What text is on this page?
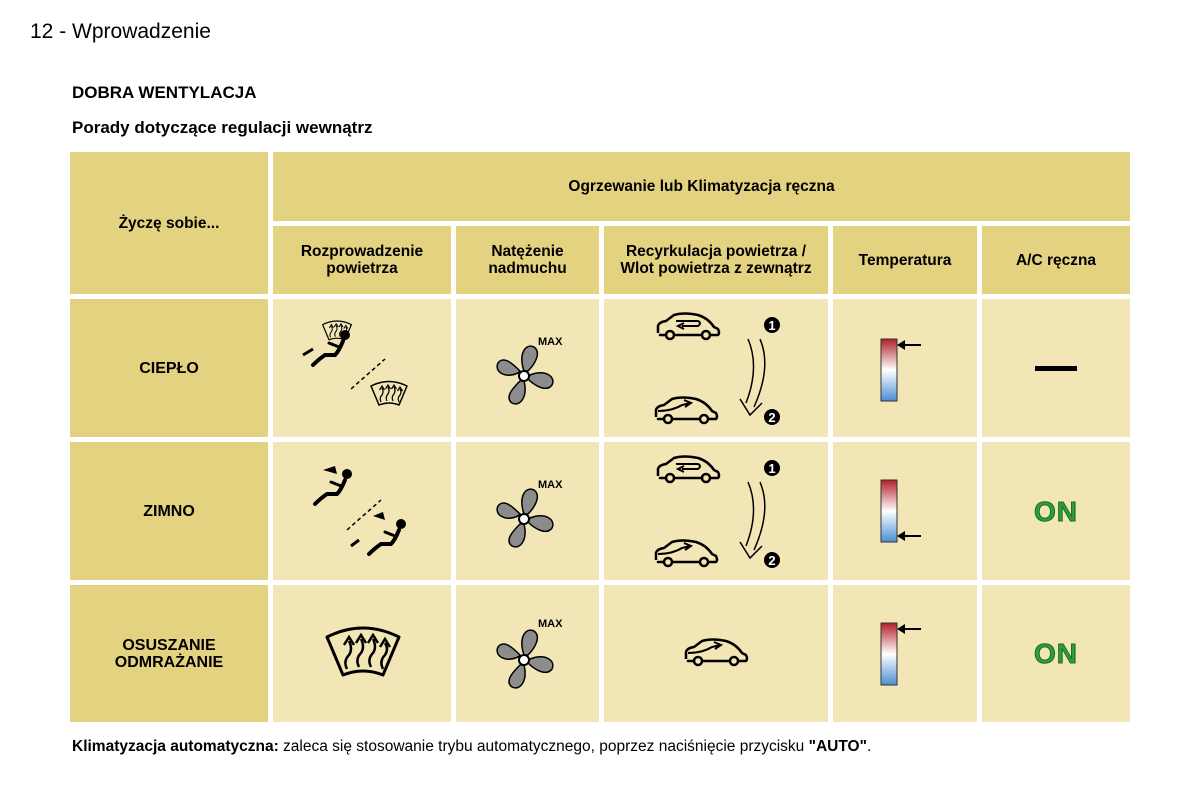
12 - Wprowadzenie
DOBRA WENTYLACJA
Porady dotyczące regulacji wewnątrz
Życzę sobie...
Ogrzewanie lub Klimatyzacja ręczna
Rozprowadzenie powietrza
Natężenie nadmuchu
Recyrkulacja powietrza / Wlot powietrza z zewnątrz	Temperatura	A/C ręczna
CIEPŁO
MAX
ZIMNO
MAX
ON
OSUSZANIE
ODMRAŻANIE
MAX
ON
Klimatyzacja automatyczna: zaleca się stosowanie trybu automatycznego, poprzez naciśnięcie przycisku "AUTO".
